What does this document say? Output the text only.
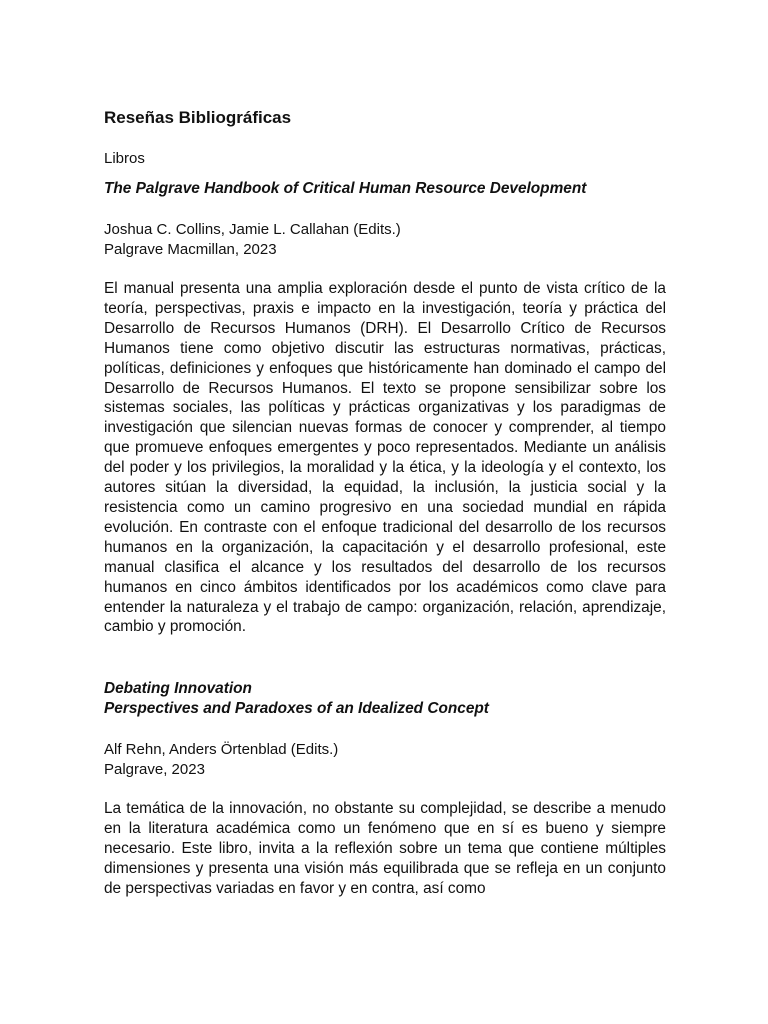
Reseñas Bibliográficas
Libros
The Palgrave Handbook of Critical Human Resource Development
Joshua C. Collins, Jamie L. Callahan (Edits.)
Palgrave Macmillan, 2023
El manual presenta una amplia exploración desde el punto de vista crítico de la teoría, perspectivas, praxis e impacto en la investigación, teoría y práctica del Desarrollo de Recursos Humanos (DRH). El Desarrollo Crítico de Recursos Humanos tiene como objetivo discutir las estructuras normativas, prácticas, políticas, definiciones y enfoques que históricamente han dominado el campo del Desarrollo de Recursos Humanos. El texto se propone sensibilizar sobre los sistemas sociales, las políticas y prácticas organizativas y los paradigmas de investigación que silencian nuevas formas de conocer y comprender, al tiempo que promueve enfoques emergentes y poco representados. Mediante un análisis del poder y los privilegios, la moralidad y la ética, y la ideología y el contexto, los autores sitúan la diversidad, la equidad, la inclusión, la justicia social y la resistencia como un camino progresivo en una sociedad mundial en rápida evolución. En contraste con el enfoque tradicional del desarrollo de los recursos humanos en la organización, la capacitación y el desarrollo profesional, este manual clasifica el alcance y los resultados del desarrollo de los recursos humanos en cinco ámbitos identificados por los académicos como clave para entender la naturaleza y el trabajo de campo: organización, relación, aprendizaje, cambio y promoción.
Debating Innovation
Perspectives and Paradoxes of an Idealized Concept
Alf Rehn, Anders Örtenblad (Edits.)
Palgrave, 2023
La temática de la innovación, no obstante su complejidad, se describe a menudo en la literatura académica como un fenómeno que en sí es bueno y siempre necesario. Este libro, invita a la reflexión sobre un tema que contiene múltiples dimensiones y presenta una visión más equilibrada que se refleja en un conjunto de perspectivas variadas en favor y en contra, así como
